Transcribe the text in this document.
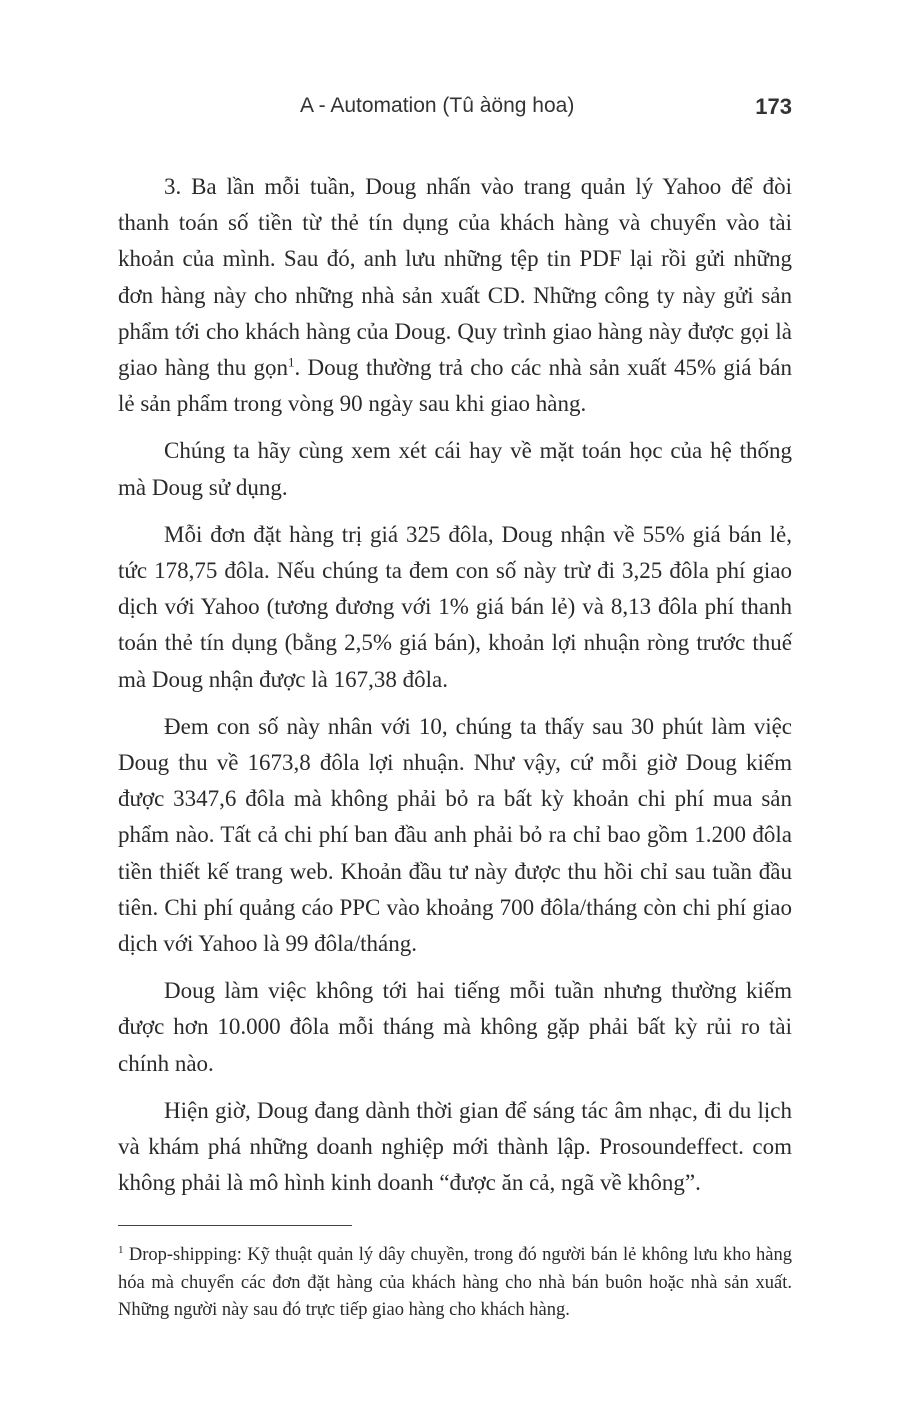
A - Automation (Tû àöng hoa)	173

3. Ba lần mỗi tuần, Doug nhấn vào trang quản lý Yahoo để đòi thanh toán số tiền từ thẻ tín dụng của khách hàng và chuyển vào tài khoản của mình. Sau đó, anh lưu những tệp tin PDF lại rồi gửi những đơn hàng này cho những nhà sản xuất CD. Những công ty này gửi sản phẩm tới cho khách hàng của Doug. Quy trình giao hàng này được gọi là giao hàng thu gọn$^1$. Doug thường trả cho các nhà sản xuất 45% giá bán lẻ sản phẩm trong vòng 90 ngày sau khi giao hàng.

Chúng ta hãy cùng xem xét cái hay về mặt toán học của hệ thống mà Doug sử dụng.

Mỗi đơn đặt hàng trị giá 325 đôla, Doug nhận về 55% giá bán lẻ, tức 178,75 đôla. Nếu chúng ta đem con số này trừ đi 3,25 đôla phí giao dịch với Yahoo (tương đương với 1% giá bán lẻ) và 8,13 đôla phí thanh toán thẻ tín dụng (bằng 2,5% giá bán), khoản lợi nhuận ròng trước thuế mà Doug nhận được là 167,38 đôla.

Đem con số này nhân với 10, chúng ta thấy sau 30 phút làm việc Doug thu về 1673,8 đôla lợi nhuận. Như vậy, cứ mỗi giờ Doug kiếm được 3347,6 đôla mà không phải bỏ ra bất kỳ khoản chi phí mua sản phẩm nào. Tất cả chi phí ban đầu anh phải bỏ ra chỉ bao gồm 1.200 đôla tiền thiết kế trang web. Khoản đầu tư này được thu hồi chỉ sau tuần đầu tiên. Chi phí quảng cáo PPC vào khoảng 700 đôla/tháng còn chi phí giao dịch với Yahoo là 99 đôla/tháng.

Doug làm việc không tới hai tiếng mỗi tuần nhưng thường kiếm được hơn 10.000 đôla mỗi tháng mà không gặp phải bất kỳ rủi ro tài chính nào.

Hiện giờ, Doug đang dành thời gian để sáng tác âm nhạc, đi du lịch và khám phá những doanh nghiệp mới thành lập. Prosoundeffect. com không phải là mô hình kinh doanh “được ăn cả, ngã về không”.

$^1$ Drop-shipping: Kỹ thuật quản lý dây chuyền, trong đó người bán lẻ không lưu kho hàng hóa mà chuyển các đơn đặt hàng của khách hàng cho nhà bán buôn hoặc nhà sản xuất. Những người này sau đó trực tiếp giao hàng cho khách hàng.
